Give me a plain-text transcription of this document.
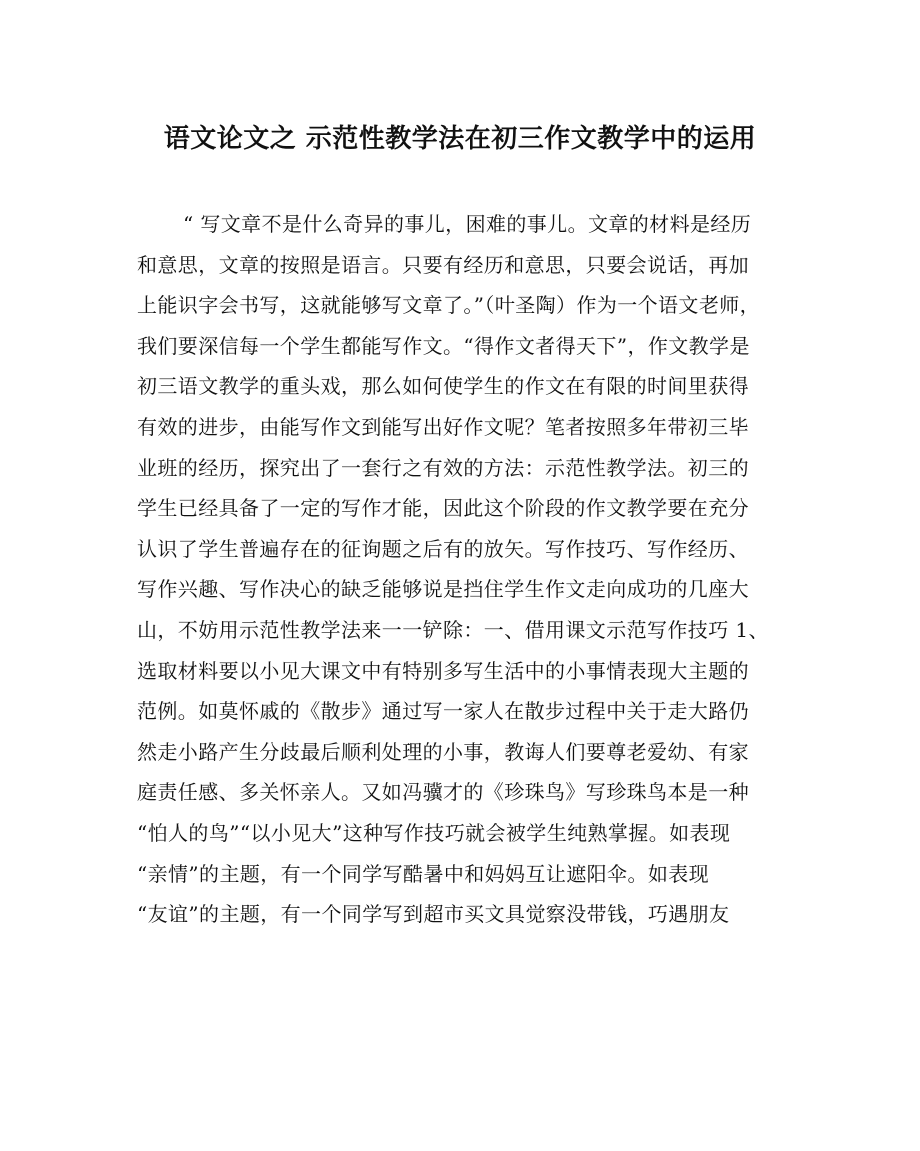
语文论文之 示范性教学法在初三作文教学中的运用
“ 写文章不是什么奇异的事儿，困难的事儿。文章的材料是经历
和意思，文章的按照是语言。只要有经历和意思，只要会说话，再加
上能识字会书写，这就能够写文章了。”（叶圣陶）作为一个语文老师，
我们要深信每一个学生都能写作文。“得作文者得天下”，作文教学是
初三语文教学的重头戏，那么如何使学生的作文在有限的时间里获得
有效的进步，由能写作文到能写出好作文呢？笔者按照多年带初三毕
业班的经历，探究出了一套行之有效的方法：示范性教学法。初三的
学生已经具备了一定的写作才能，因此这个阶段的作文教学要在充分
认识了学生普遍存在的征询题之后有的放矢。写作技巧、写作经历、
写作兴趣、写作决心的缺乏能够说是挡住学生作文走向成功的几座大
山，不妨用示范性教学法来一一铲除：一、借用课文示范写作技巧 1、
选取材料要以小见大课文中有特别多写生活中的小事情表现大主题的
范例。如莫怀戚的《散步》通过写一家人在散步过程中关于走大路仍
然走小路产生分歧最后顺利处理的小事，教诲人们要尊老爱幼、有家
庭责任感、多关怀亲人。又如冯骥才的《珍珠鸟》写珍珠鸟本是一种
“怕人的鸟”“以小见大”这种写作技巧就会被学生纯熟掌握。如表现
“亲情”的主题，有一个同学写酷暑中和妈妈互让遮阳伞。如表现
“友谊”的主题，有一个同学写到超市买文具觉察没带钱，巧遇朋友
